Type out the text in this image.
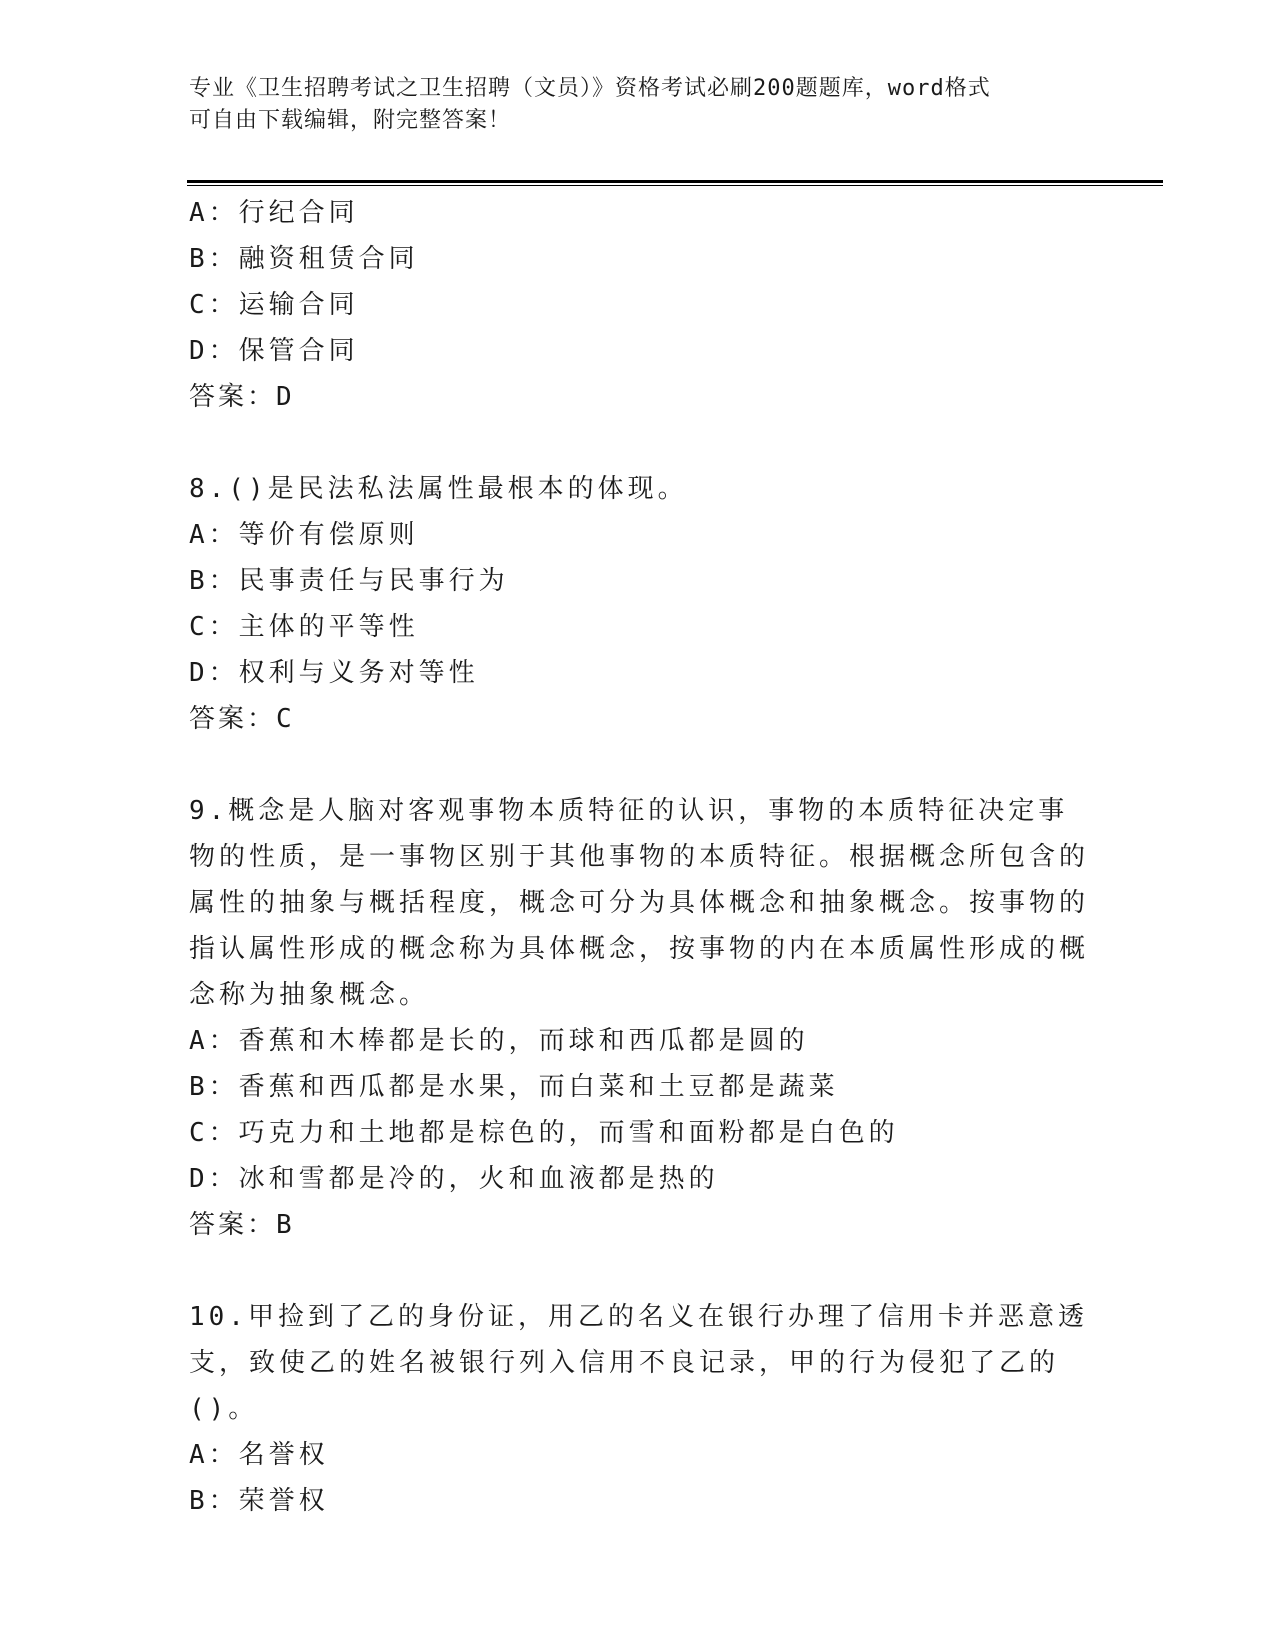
专业《卫生招聘考试之卫生招聘（文员）》资格考试必刷200题题库，word格式
可自由下载编辑，附完整答案！
A：行纪合同
B：融资租赁合同
C：运输合同
D：保管合同
答案：D
8.()是民法私法属性最根本的体现。
A：等价有偿原则
B：民事责任与民事行为
C：主体的平等性
D：权利与义务对等性
答案：C
9.概念是人脑对客观事物本质特征的认识，事物的本质特征决定事物的性质，是一事物区别于其他事物的本质特征。根据概念所包含的属性的抽象与概括程度，概念可分为具体概念和抽象概念。按事物的指认属性形成的概念称为具体概念，按事物的内在本质属性形成的概念称为抽象概念。
A：香蕉和木棒都是长的，而球和西瓜都是圆的
B：香蕉和西瓜都是水果，而白菜和土豆都是蔬菜
C：巧克力和土地都是棕色的，而雪和面粉都是白色的
D：冰和雪都是冷的，火和血液都是热的
答案：B
10.甲捡到了乙的身份证，用乙的名义在银行办理了信用卡并恶意透支，致使乙的姓名被银行列入信用不良记录，甲的行为侵犯了乙的()。
A：名誉权
B：荣誉权
